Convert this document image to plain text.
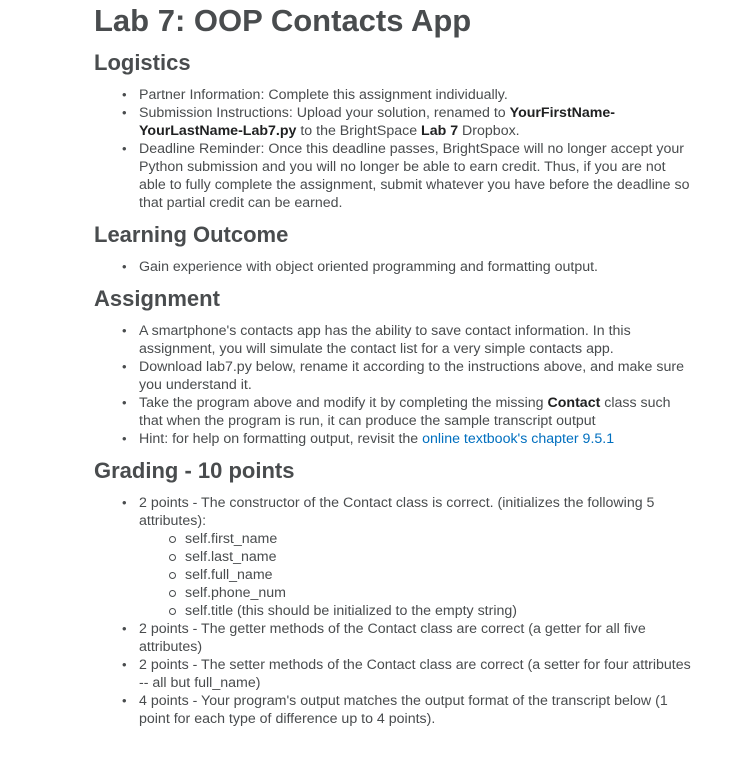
Lab 7: OOP Contacts App
Logistics
• Partner Information: Complete this assignment individually.
• Submission Instructions: Upload your solution, renamed to YourFirstName-YourLastName-Lab7.py to the BrightSpace Lab 7 Dropbox.
• Deadline Reminder: Once this deadline passes, BrightSpace will no longer accept your Python submission and you will no longer be able to earn credit. Thus, if you are not able to fully complete the assignment, submit whatever you have before the deadline so that partial credit can be earned.
Learning Outcome
• Gain experience with object oriented programming and formatting output.
Assignment
• A smartphone's contacts app has the ability to save contact information. In this assignment, you will simulate the contact list for a very simple contacts app.
• Download lab7.py below, rename it according to the instructions above, and make sure you understand it.
• Take the program above and modify it by completing the missing Contact class such that when the program is run, it can produce the sample transcript output
• Hint: for help on formatting output, revisit the online textbook's chapter 9.5.1
Grading - 10 points
• 2 points - The constructor of the Contact class is correct. (initializes the following 5 attributes):
self.first_name
self.last_name
self.full_name
self.phone_num
self.title (this should be initialized to the empty string)
• 2 points - The getter methods of the Contact class are correct (a getter for all five attributes)
• 2 points - The setter methods of the Contact class are correct (a setter for four attributes -- all but full_name)
• 4 points - Your program's output matches the output format of the transcript below (1 point for each type of difference up to 4 points).
